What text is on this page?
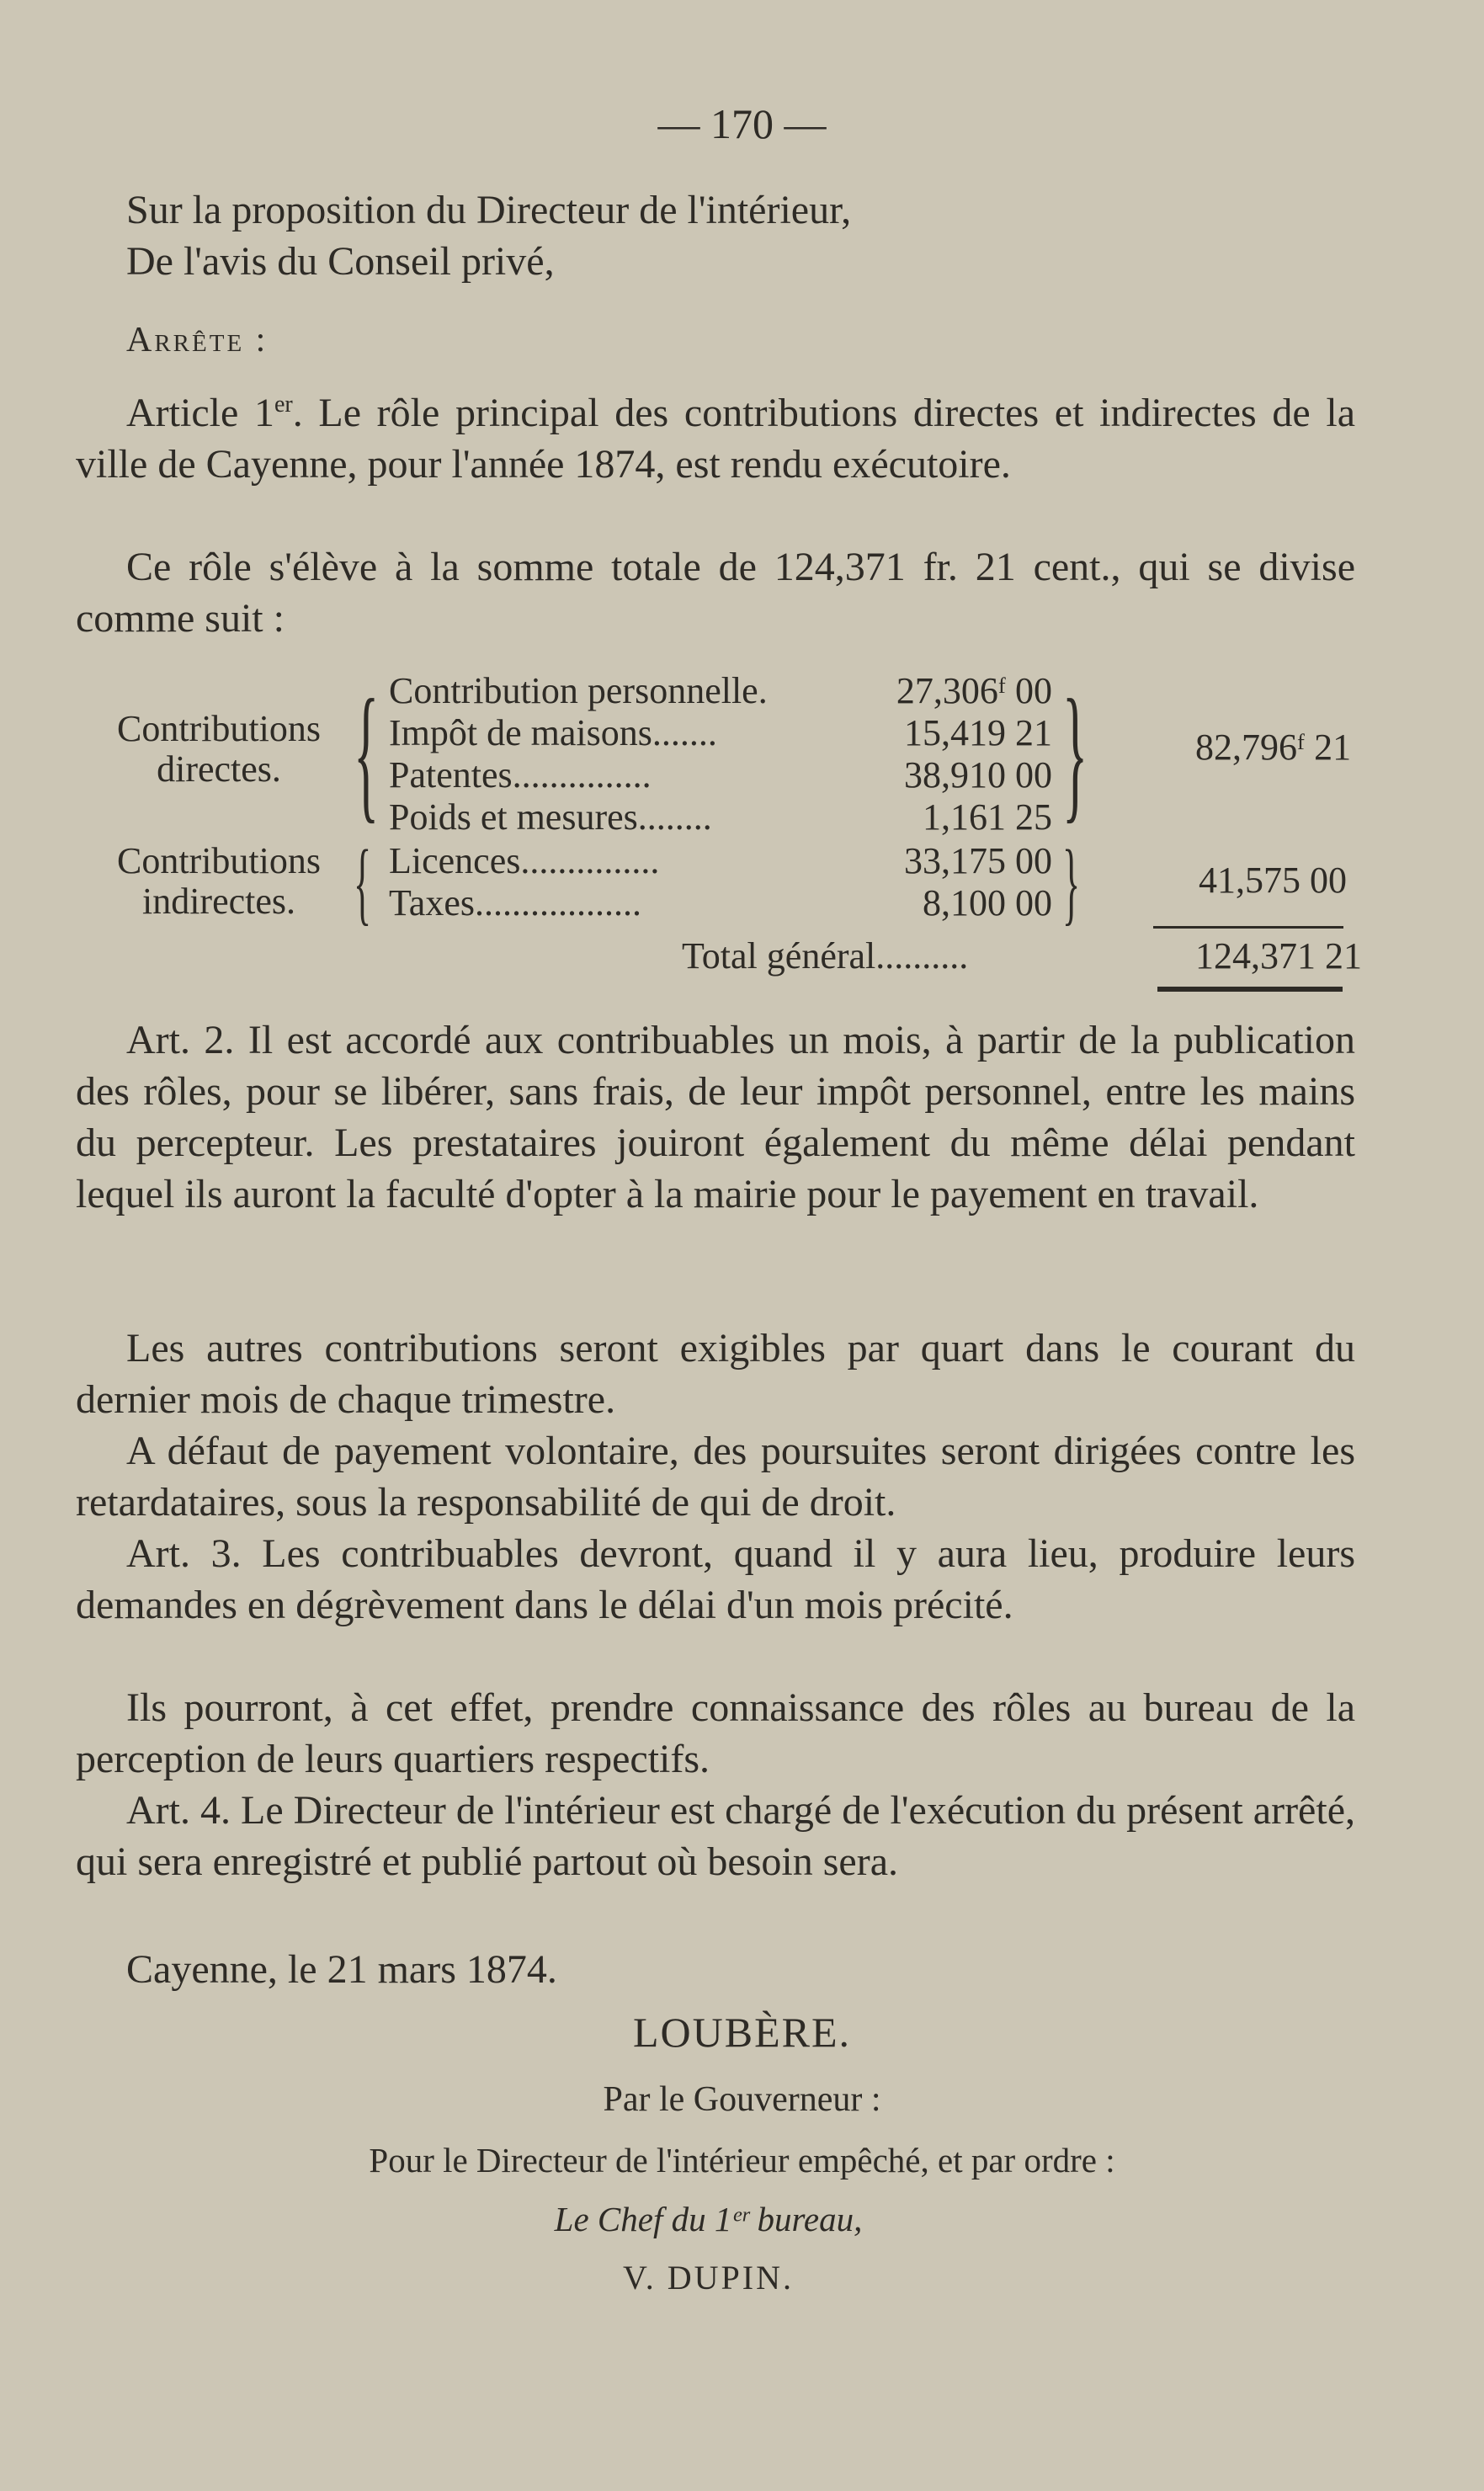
— 170 —
Sur la proposition du Directeur de l'intérieur,
De l'avis du Conseil privé,
Arrête :
Article 1er. Le rôle principal des contributions directes et indirectes de la ville de Cayenne, pour l'année 1874, est rendu exécutoire.
Ce rôle s'élève à la somme totale de 124,371 fr. 21 cent., qui se divise comme suit :
Contributions
directes. { Contribution personnelle.	27,306ᶠ 00
Impôt de maisons.......	15,419 21
Patentes...............	38,910 00
Poids et mesures........	1,161 25 }	82,796ᶠ 21
Contributions
indirectes. { Licences...............	33,175 00
Taxes..................	8,100 00 }	41,575 00
Total général..........	124,371 21
Art. 2. Il est accordé aux contribuables un mois, à partir de la publication des rôles, pour se libérer, sans frais, de leur impôt personnel, entre les mains du percepteur. Les prestataires jouiront également du même délai pendant lequel ils auront la faculté d'opter à la mairie pour le payement en travail.
Les autres contributions seront exigibles par quart dans le courant du dernier mois de chaque trimestre.
A défaut de payement volontaire, des poursuites seront dirigées contre les retardataires, sous la responsabilité de qui de droit.
Art. 3. Les contribuables devront, quand il y aura lieu, produire leurs demandes en dégrèvement dans le délai d'un mois précité.
Ils pourront, à cet effet, prendre connaissance des rôles au bureau de la perception de leurs quartiers respectifs.
Art. 4. Le Directeur de l'intérieur est chargé de l'exécution du présent arrêté, qui sera enregistré et publié partout où besoin sera.
Cayenne, le 21 mars 1874.
LOUBÈRE.
Par le Gouverneur :
Pour le Directeur de l'intérieur empêché, et par ordre :
Le Chef du 1ᵉʳ bureau,
V. DUPIN.
